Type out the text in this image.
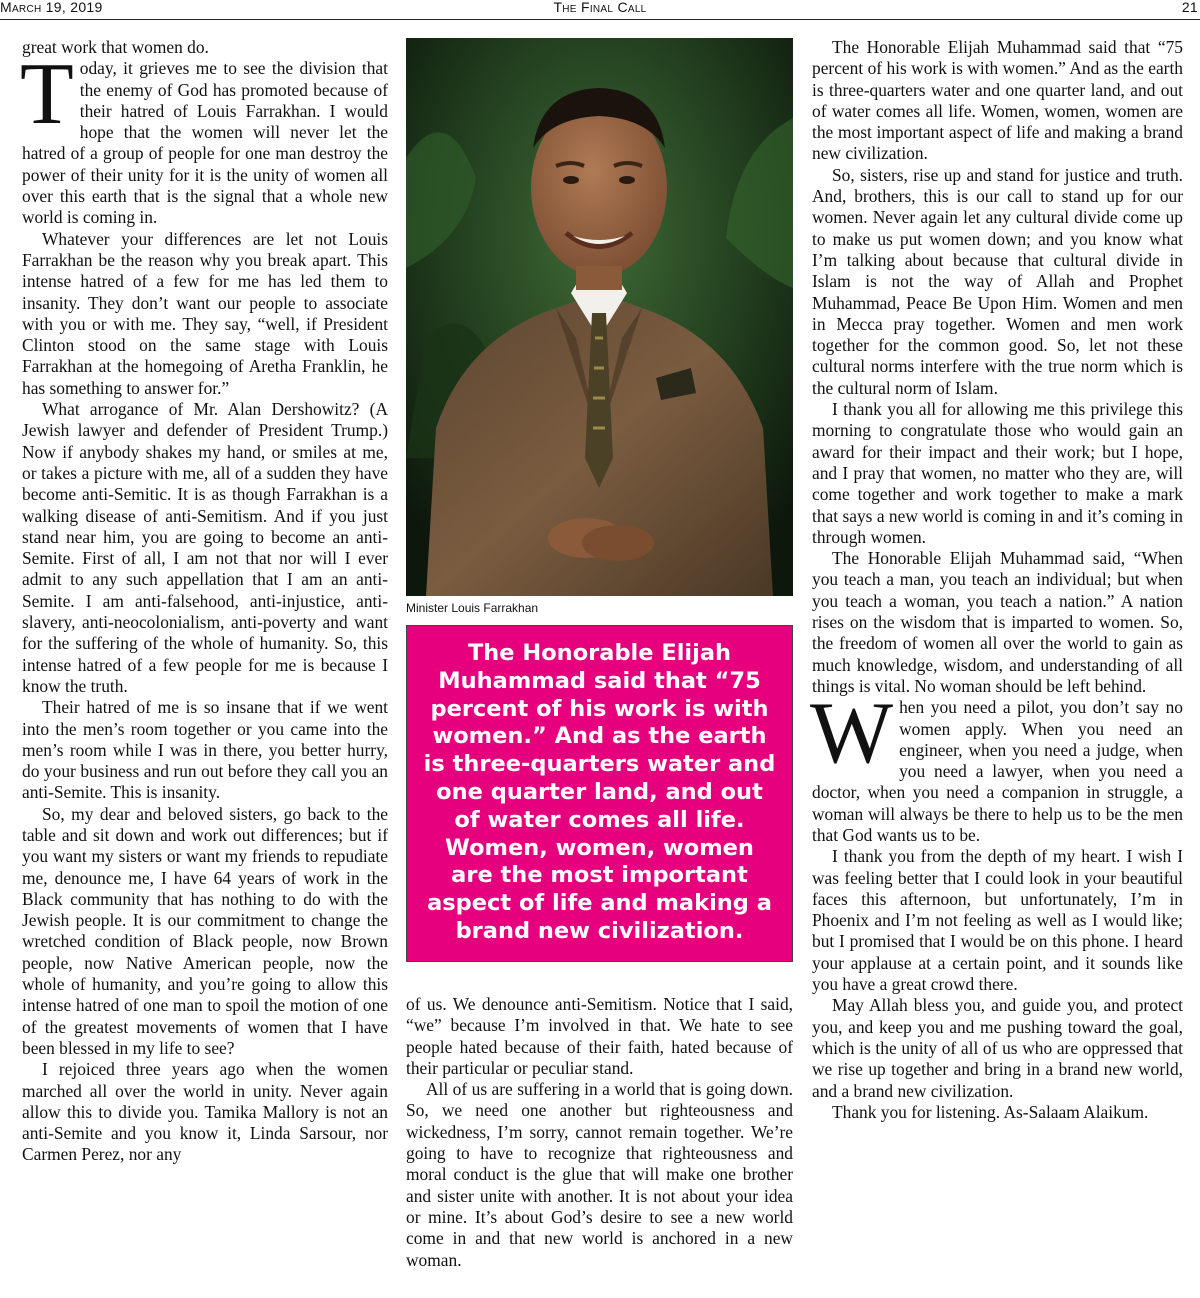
March 19, 2019	The Final Call	21

great work that women do.

Today, it grieves me to see the division that the enemy of God has promoted because of their hatred of Louis Farrakhan. I would hope that the women will never let the hatred of a group of people for one man destroy the power of their unity for it is the unity of women all over this earth that is the signal that a whole new world is coming in.

Whatever your differences are let not Louis Farrakhan be the reason why you break apart. This intense hatred of a few for me has led them to insanity. They don’t want our people to associate with you or with me. They say, “well, if President Clinton stood on the same stage with Louis Farrakhan at the homegoing of Aretha Franklin, he has something to answer for.”

What arrogance of Mr. Alan Dershowitz? (A Jewish lawyer and defender of President Trump.) Now if anybody shakes my hand, or smiles at me, or takes a picture with me, all of a sudden they have become anti-Semitic. It is as though Farrakhan is a walking disease of anti-Semitism. And if you just stand near him, you are going to become an anti-Semite. First of all, I am not that nor will I ever admit to any such appellation that I am an anti-Semite. I am anti-falsehood, anti-injustice, anti-slavery, anti-neocolonialism, anti-poverty and want for the suffering of the whole of humanity. So, this intense hatred of a few people for me is because I know the truth.

Their hatred of me is so insane that if we went into the men’s room together or you came into the men’s room while I was in there, you better hurry, do your business and run out before they call you an anti-Semite. This is insanity.

So, my dear and beloved sisters, go back to the table and sit down and work out differences; but if you want my sisters or want my friends to repudiate me, denounce me, I have 64 years of work in the Black community that has nothing to do with the Jewish people. It is our commitment to change the wretched condition of Black people, now Brown people, now Native American people, now the whole of humanity, and you’re going to allow this intense hatred of one man to spoil the motion of one of the greatest movements of women that I have been blessed in my life to see?

I rejoiced three years ago when the women marched all over the world in unity. Never again allow this to divide you. Tamika Mallory is not an anti-Semite and you know it, Linda Sarsour, nor Carmen Perez, nor any

Minister Louis Farrakhan
The Honorable Elijah Muhammad said that “75 percent of his work is with women.” And as the earth is three-quarters water and one quarter land, and out of water comes all life. Women, women, women are the most important aspect of life and making a brand new civilization.

of us. We denounce anti-Semitism. Notice that I said, “we” because I’m involved in that. We hate to see people hated because of their faith, hated because of their particular or peculiar stand.

All of us are suffering in a world that is going down. So, we need one another but righteousness and wickedness, I’m sorry, cannot remain together. We’re going to have to recognize that righteousness and moral conduct is the glue that will make one brother and sister unite with another. It is not about your idea or mine. It’s about God’s desire to see a new world come in and that new world is anchored in a new woman.

The Honorable Elijah Muhammad said that “75 percent of his work is with women.” And as the earth is three-quarters water and one quarter land, and out of water comes all life. Women, women, women are the most important aspect of life and making a brand new civilization.

So, sisters, rise up and stand for justice and truth. And, brothers, this is our call to stand up for our women. Never again let any cultural divide come up to make us put women down; and you know what I’m talking about because that cultural divide in Islam is not the way of Allah and Prophet Muhammad, Peace Be Upon Him. Women and men in Mecca pray together. Women and men work together for the common good. So, let not these cultural norms interfere with the true norm which is the cultural norm of Islam.

I thank you all for allowing me this privilege this morning to congratulate those who would gain an award for their impact and their work; but I hope, and I pray that women, no matter who they are, will come together and work together to make a mark that says a new world is coming in and it’s coming in through women.

The Honorable Elijah Muhammad said, “When you teach a man, you teach an individual; but when you teach a woman, you teach a nation.” A nation rises on the wisdom that is imparted to women. So, the freedom of women all over the world to gain as much knowledge, wisdom, and understanding of all things is vital. No woman should be left behind.

When you need a pilot, you don’t say no women apply. When you need an engineer, when you need a judge, when you need a lawyer, when you need a doctor, when you need a companion in struggle, a woman will always be there to help us to be the men that God wants us to be.

I thank you from the depth of my heart. I wish I was feeling better that I could look in your beautiful faces this afternoon, but unfortunately, I’m in Phoenix and I’m not feeling as well as I would like; but I promised that I would be on this phone. I heard your applause at a certain point, and it sounds like you have a great crowd there.

May Allah bless you, and guide you, and protect you, and keep you and me pushing toward the goal, which is the unity of all of us who are oppressed that we rise up together and bring in a brand new world, and a brand new civilization.

Thank you for listening. As-Salaam Alaikum.
